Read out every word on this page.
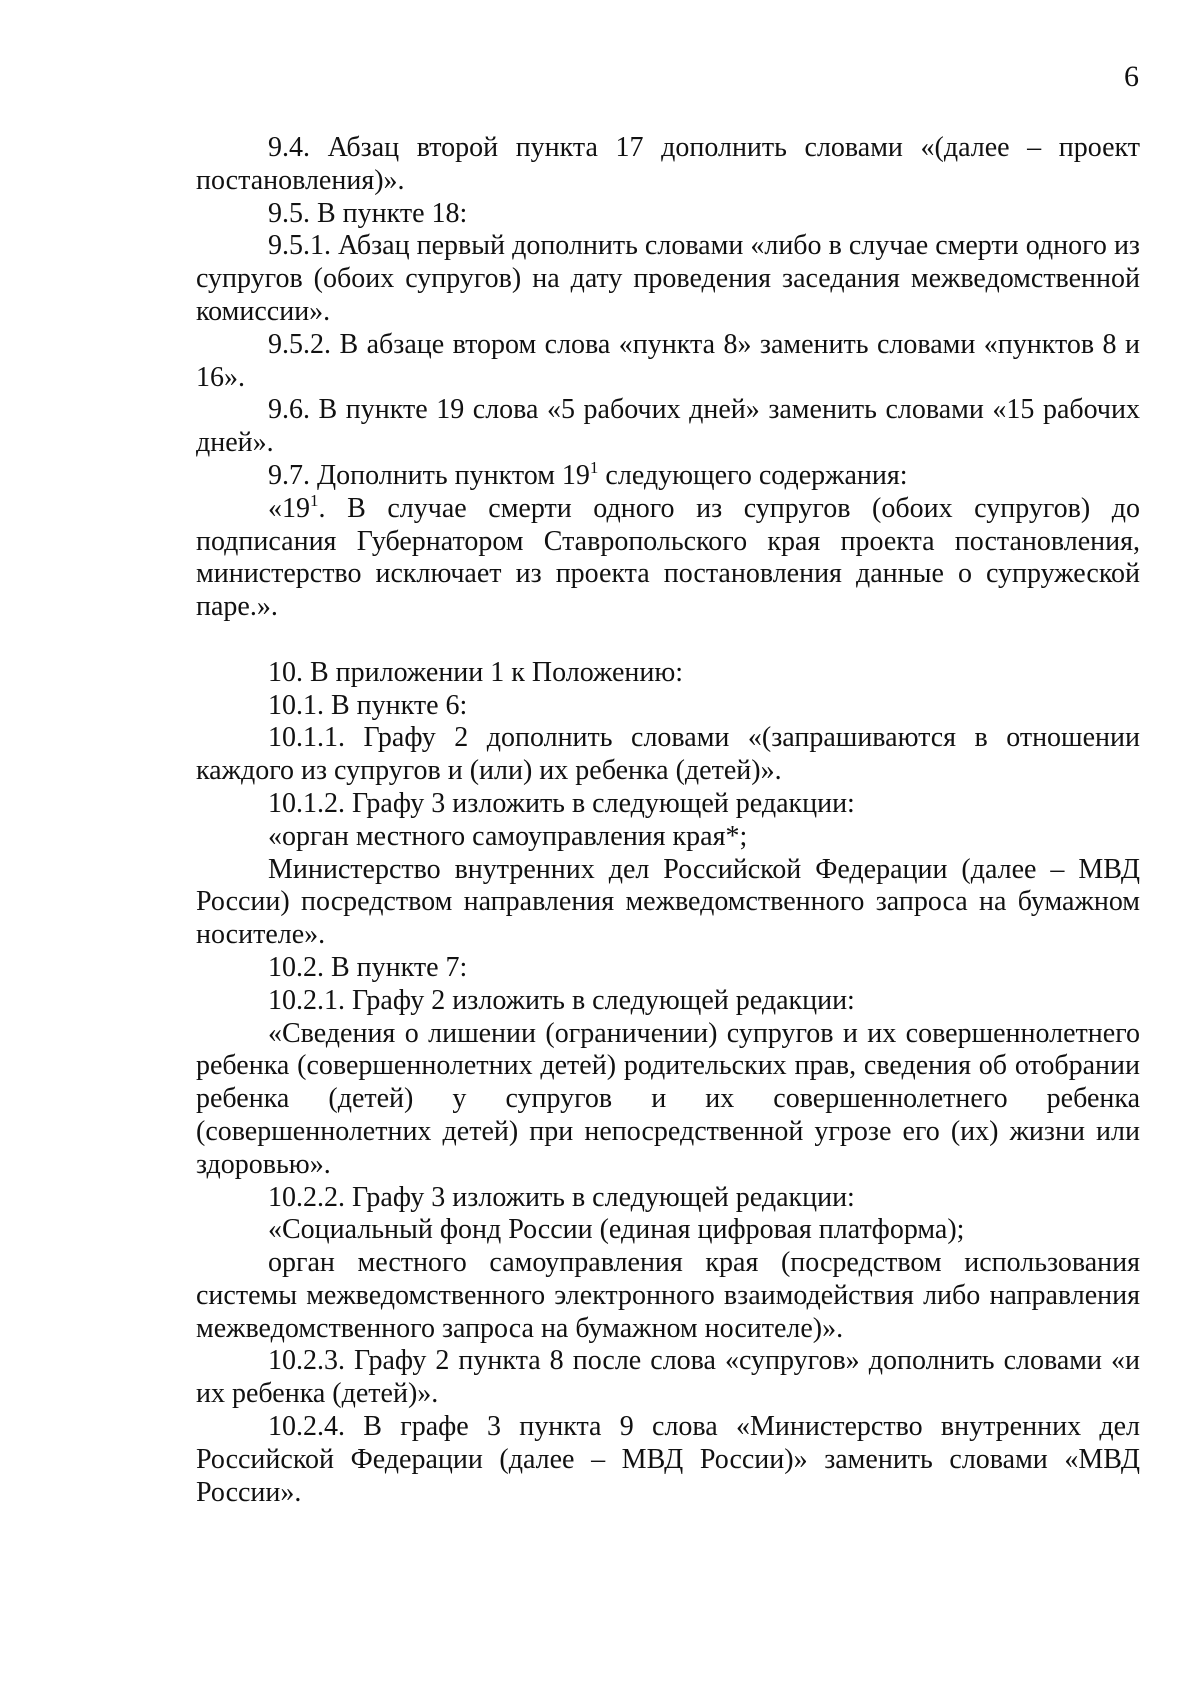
6

9.4. Абзац второй пункта 17 дополнить словами «(далее – проект постановления)».

9.5. В пункте 18:

9.5.1. Абзац первый дополнить словами «либо в случае смерти одного из супругов (обоих супругов) на дату проведения заседания межведомственной комиссии».

9.5.2. В абзаце втором слова «пункта 8» заменить словами «пунктов 8 и 16».

9.6. В пункте 19 слова «5 рабочих дней» заменить словами «15 рабочих дней».

9.7. Дополнить пунктом $19^1$ следующего содержания:

«$19^1$. В случае смерти одного из супругов (обоих супругов) до подписания Губернатором Ставропольского края проекта постановления, министерство исключает из проекта постановления данные о супружеской паре.».

10. В приложении 1 к Положению:

10.1. В пункте 6:

10.1.1. Графу 2 дополнить словами «(запрашиваются в отношении каждого из супругов и (или) их ребенка (детей)».

10.1.2. Графу 3 изложить в следующей редакции:

«орган местного самоуправления края*;

Министерство внутренних дел Российской Федерации (далее – МВД России) посредством направления межведомственного запроса на бумажном носителе».

10.2. В пункте 7:

10.2.1. Графу 2 изложить в следующей редакции:

«Сведения о лишении (ограничении) супругов и их совершеннолетнего ребенка (совершеннолетних детей) родительских прав, сведения об отобрании ребенка (детей) у супругов и их совершеннолетнего ребенка (совершеннолетних детей) при непосредственной угрозе его (их) жизни или здоровью».

10.2.2. Графу 3 изложить в следующей редакции:

«Социальный фонд России (единая цифровая платформа);

орган местного самоуправления края (посредством использования системы межведомственного электронного взаимодействия либо направления межведомственного запроса на бумажном носителе)».

10.2.3. Графу 2 пункта 8 после слова «супругов» дополнить словами «и их ребенка (детей)».

10.2.4. В графе 3 пункта 9 слова «Министерство внутренних дел Российской Федерации (далее – МВД России)» заменить словами «МВД России».
